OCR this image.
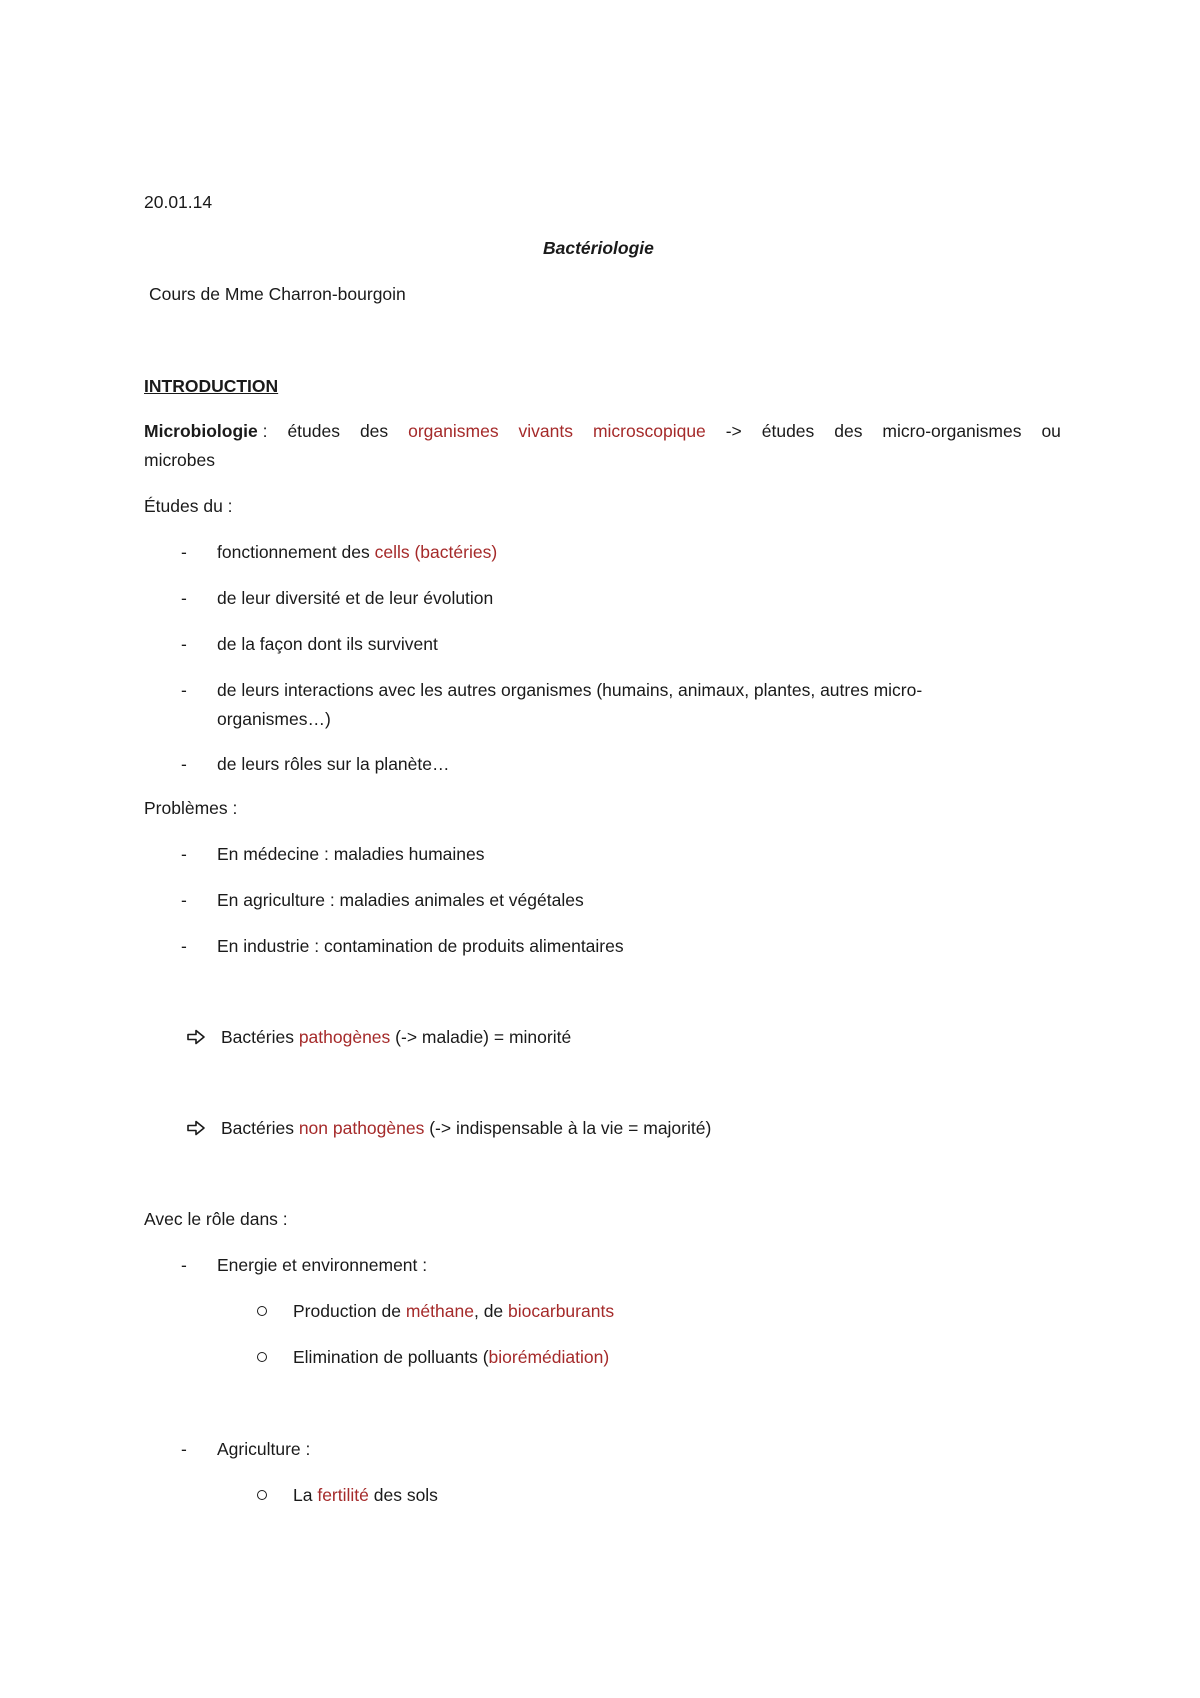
20.01.14
Bactériologie
Cours de Mme Charron-bourgoin
INTRODUCTION
Microbiologie : études des organismes vivants microscopique -> études des micro-organismes ou
microbes
Études du :
Problèmes :
Avec le rôle dans :
- fonctionnement des cells (bactéries)
- de leur diversité et de leur évolution
- de la façon dont ils survivent
- de leurs interactions avec les autres organismes (humains, animaux, plantes, autres micro-
organismes…)
- de leurs rôles sur la planète…
- En médecine : maladies humaines
- En agriculture : maladies animales et végétales
- En industrie : contamination de produits alimentaires
Bactéries pathogènes (-> maladie) = minorité
Bactéries non pathogènes (-> indispensable à la vie = majorité)
- Energie et environnement :
Production de méthane, de biocarburants
Elimination de polluants (biorémédiation)
- Agriculture :
La fertilité des sols
